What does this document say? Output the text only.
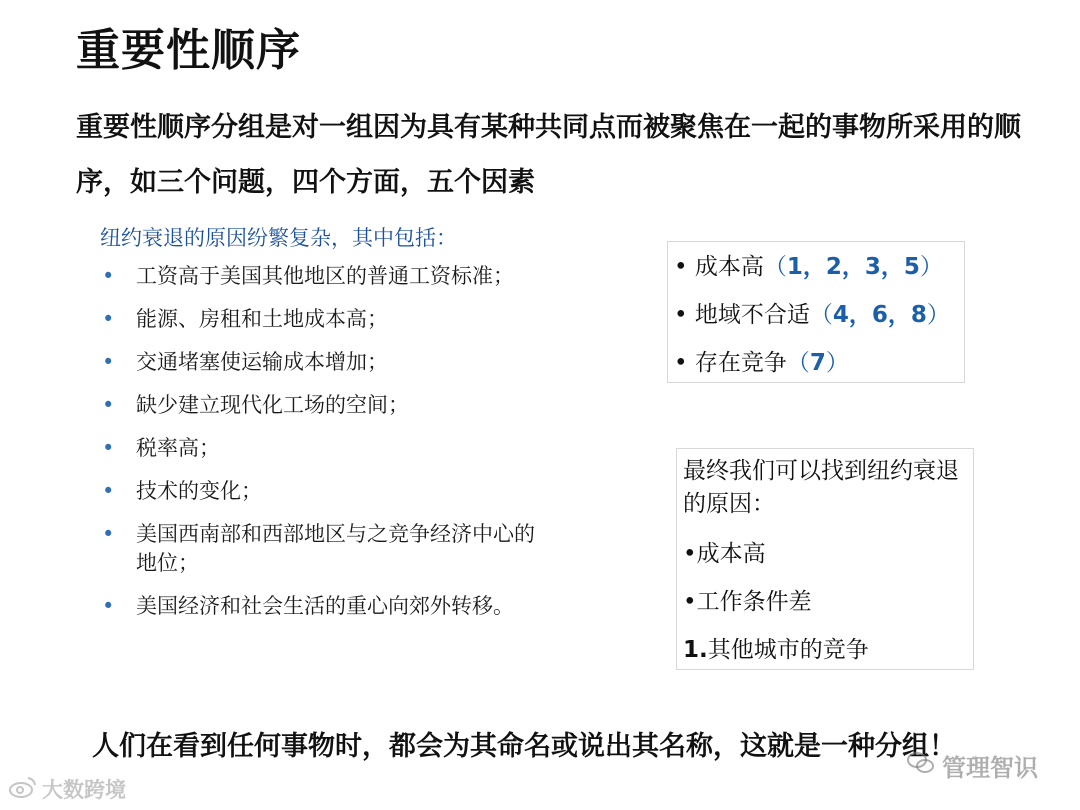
重要性顺序
重要性顺序分组是对一组因为具有某种共同点而被聚焦在一起的事物所采用的顺序，如三个问题，四个方面，五个因素
纽约衰退的原因纷繁复杂，其中包括：
• 工资高于美国其他地区的普通工资标准；
• 能源、房租和土地成本高；
• 交通堵塞使运输成本增加；
• 缺少建立现代化工场的空间；
• 税率高；
• 技术的变化；
• 美国西南部和西部地区与之竞争经济中心的地位；
• 美国经济和社会生活的重心向郊外转移。
• 成本高（1，2，3，5）
• 地域不合适（4，6，8）
• 存在竞争（7）
最终我们可以找到纽约衰退的原因：
•成本高
•工作条件差
1.其他城市的竞争
人们在看到任何事物时，都会为其命名或说出其名称，这就是一种分组！
大数跨境
管理智识
